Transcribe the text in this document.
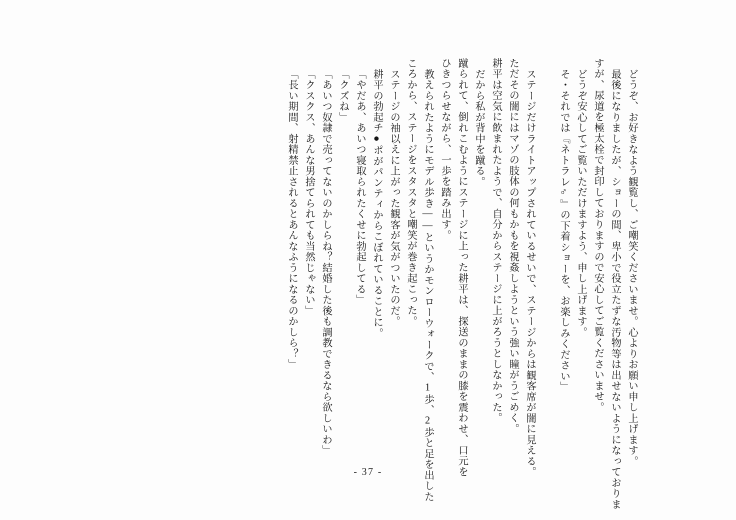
どうぞ、お好きなよう観覧し、ご嘲笑くださいませ。心よりお願い申し上げます。
最後になりましたが、ショーの間、卑小で役立たずな汚物等は出せないようになっておりま
すが、尿道を極太栓で封印しておりますので安心してご覧くださいませ。
どうぞ安心してご覧いただけますよう、申し上げます。
そ・それでは『ネトラレ♂』の下着ショーを、お楽しみください」
ステージだけライトアップされているせいで、ステージからは観客席が闇に見える。
ただその闇にはマゾの肢体の何もかもを視姦しようという強い瞳がうごめく。
耕平は空気に飲まれたようで、自分からステージに上がろうとしなかった。
だから私が背中を蹴る。
蹴られて、倒れこむようにステージに上った耕平は、探送のままの膝を震わせ、口元を
ひきつらせながら、一歩を踏み出す。
教えられたようにモデル歩き――というかモンローウォークで、1歩、2歩と足を出した
ころから、ステージをスタスタと嘲笑が巻き起こった。
ステージの袖以えに上がった観客が気がついたのだ。
耕平の勃起チ●ポがパンティからこぼれていることに。
「やだあ、あいつ寝取られたくせに勃起してる」
「クズね」
「あいつ奴隷で売ってないのかしらね？結婚した後も調教できるなら欲しいわ」
「クスクス、あんな男捨てられても当然じゃない」
「長い期間、射精禁止されるとあんなふうになるのかしら？」
- 37 -
